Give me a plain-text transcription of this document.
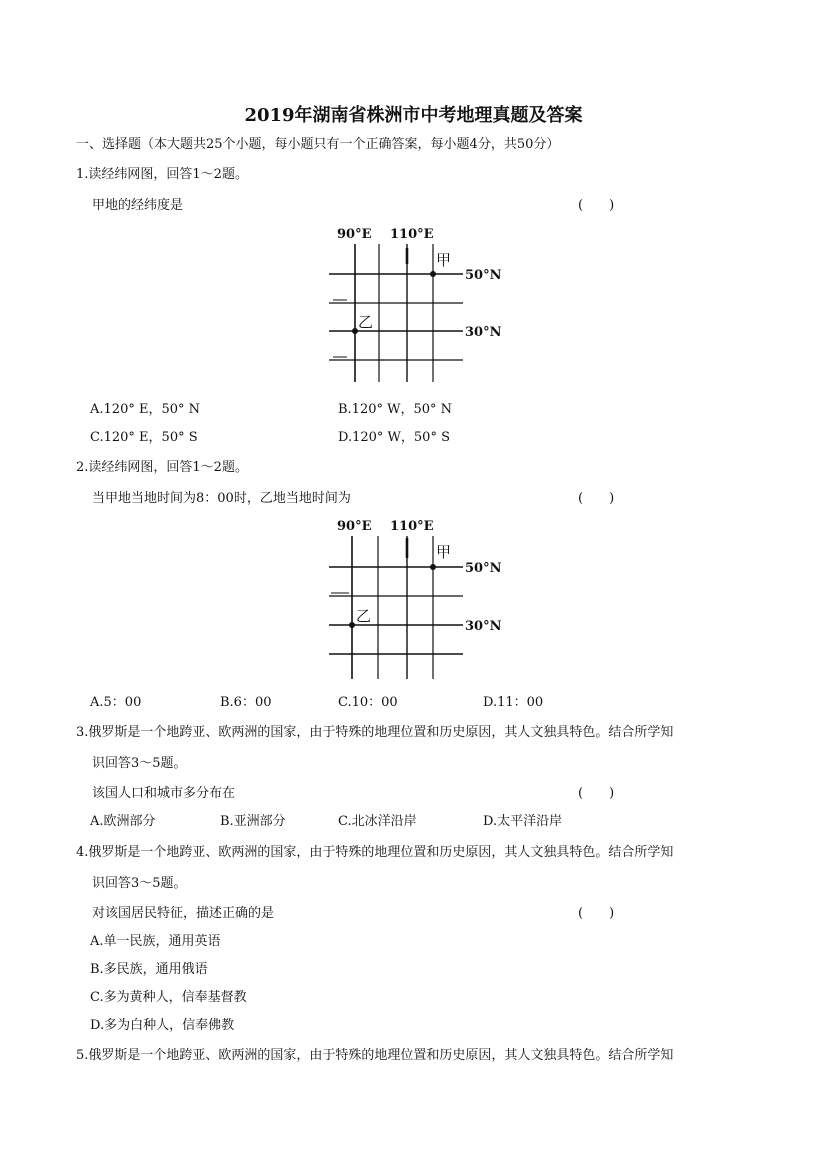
2019年湖南省株洲市中考地理真题及答案
一、选择题（本大题共25个小题，每小题只有一个正确答案，每小题4分，共50分）
1.读经纬网图，回答1～2题。
甲地的经纬度是	(　　)
90°E 110°E
甲
乙
50°N
30°N
A.120° E，50° N	B.120° W，50° N
C.120° E，50° S	D.120° W，50° S
2.读经纬网图，回答1～2题。
当甲地当地时间为8：00时，乙地当地时间为	(　　)
90°E 110°E
甲
乙
50°N
30°N
A.5：00	B.6：00	C.10：00	D.11：00
3.俄罗斯是一个地跨亚、欧两洲的国家，由于特殊的地理位置和历史原因，其人文独具特色。结合所学知
识回答3～5题。
该国人口和城市多分布在	(　　)
A.欧洲部分	B.亚洲部分	C.北冰洋沿岸	D.太平洋沿岸
4.俄罗斯是一个地跨亚、欧两洲的国家，由于特殊的地理位置和历史原因，其人文独具特色。结合所学知
识回答3～5题。
对该国居民特征，描述正确的是	(　　)
A.单一民族，通用英语
B.多民族，通用俄语
C.多为黄种人，信奉基督教
D.多为白种人，信奉佛教
5.俄罗斯是一个地跨亚、欧两洲的国家，由于特殊的地理位置和历史原因，其人文独具特色。结合所学知
